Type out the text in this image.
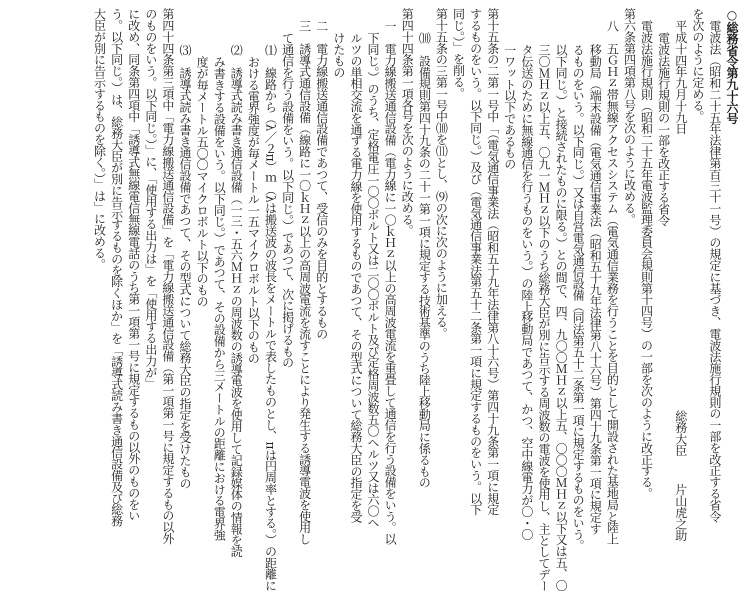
○総務省令第九十六号

電波法（昭和二十五年法律第百三十一号）の規定に基づき、電波法施行規則の一部を改正する省令

を次のように定める。

平成十四年九月十九日総務大臣片山虎之助

電波法施行規則の一部を改正する省令

電波法施行規則（昭和二十五年電波監理委員会規則第十四号）の一部を次のように改正する。

第六条第四項第八号を次のように改める。

八　五ＧＨｚ帯無線アクセスシステム（電気通信業務を行うことを目的として開設された基地局と陸上

移動局（端末設備（電気通信事業法（昭和五十九年法律第八十六号）第四十九条第一項に規定す

るものをいう。以下同じ。）又は自営電気通信設備（同法第五十二条第一項に規定するものをいう。

以下同じ。）と接続されたものに限る。）との間で、四、九〇〇ＭＨｚ以上五、〇〇〇ＭＨｚ以下又は五、〇

三〇ＭＨｚ以上五、〇九一ＭＨｚ以下のうち総務大臣が別に告示する周波数の電波を使用し、主としてデー

タ伝送のために無線通信を行うものをいう。）の陸上移動局であつて、かつ、空中線電力が〇・〇

一ワット以下であるもの

第十五条の二第一号中「（電気通信事業法（昭和五十九年法律第八十六号）第四十九条第一項に規定

するものをいう。以下同じ。）及び（電気通信事業法第五十二条第一項に規定するものをいう。以下

同じ。）」を削る。

第十五条の三第一号中⑽を⑾とし、⑼の次に次のように加える。

⑽　設備規則第四十九条の二十一第一項に規定する技術基準のうち陸上移動局に係るもの

第四十四条第一項各号を次のように改める。

一　電力線搬送通信設備（電力線に一〇ｋＨｚ以上の高周波電流を重畳して通信を行う設備をいう。以

下同じ。）のうち、定格電圧一〇〇ボルト又は二〇〇ボルト及び定格周波数五〇ヘルツ又は六〇ヘ

ルツの単相交流を通ずる電力線を使用するものであつて、その型式について総務大臣の指定を受

けたもの

二　電力線搬送通信設備であつて、受信のみを目的とするもの

三　誘導式通信設備（線路に一〇ｋＨｚ以上の高周波電流を流すことにより発生する誘導電波を使用し

て通信を行う設備をいう。以下同じ。）であつて、次に掲げるもの

⑴　線路から（λ／２π）ｍ（λは搬送波の波長をメートルで表したものとし、πは円周率とする。）の距離に

おける電界強度が毎メートル一五マイクロボルト以下のもの

⑵　誘導式読み書き通信設備（一三・五六ＭＨｚの周波数の誘導電波を使用して記録媒体の情報を読

み書きする設備をいう。以下同じ。）であつて、その設備から三メートルの距離における電界強

度が毎メートル五〇〇マイクロボルト以下のもの

⑶　誘導式読み書き通信設備であつて、その型式について総務大臣の指定を受けたもの

第四十四条第三項中「電力線搬送通信設備」を「電力線搬送通信設備（第一項第一号に規定するもの以外

のものをいう。以下同じ。）」に、「使用する出力は」を「使用する出力が」

に改め、同条第四項中「誘導式無線電信無線電話のうち第一項第一号に規定するもの以外のものをい

う。以下同じ。）は、総務大臣が別に告示するものを除くほか」を「誘導式読み書き通信設備及び総務

大臣が別に告示するものを除く。）」は」に改める。
